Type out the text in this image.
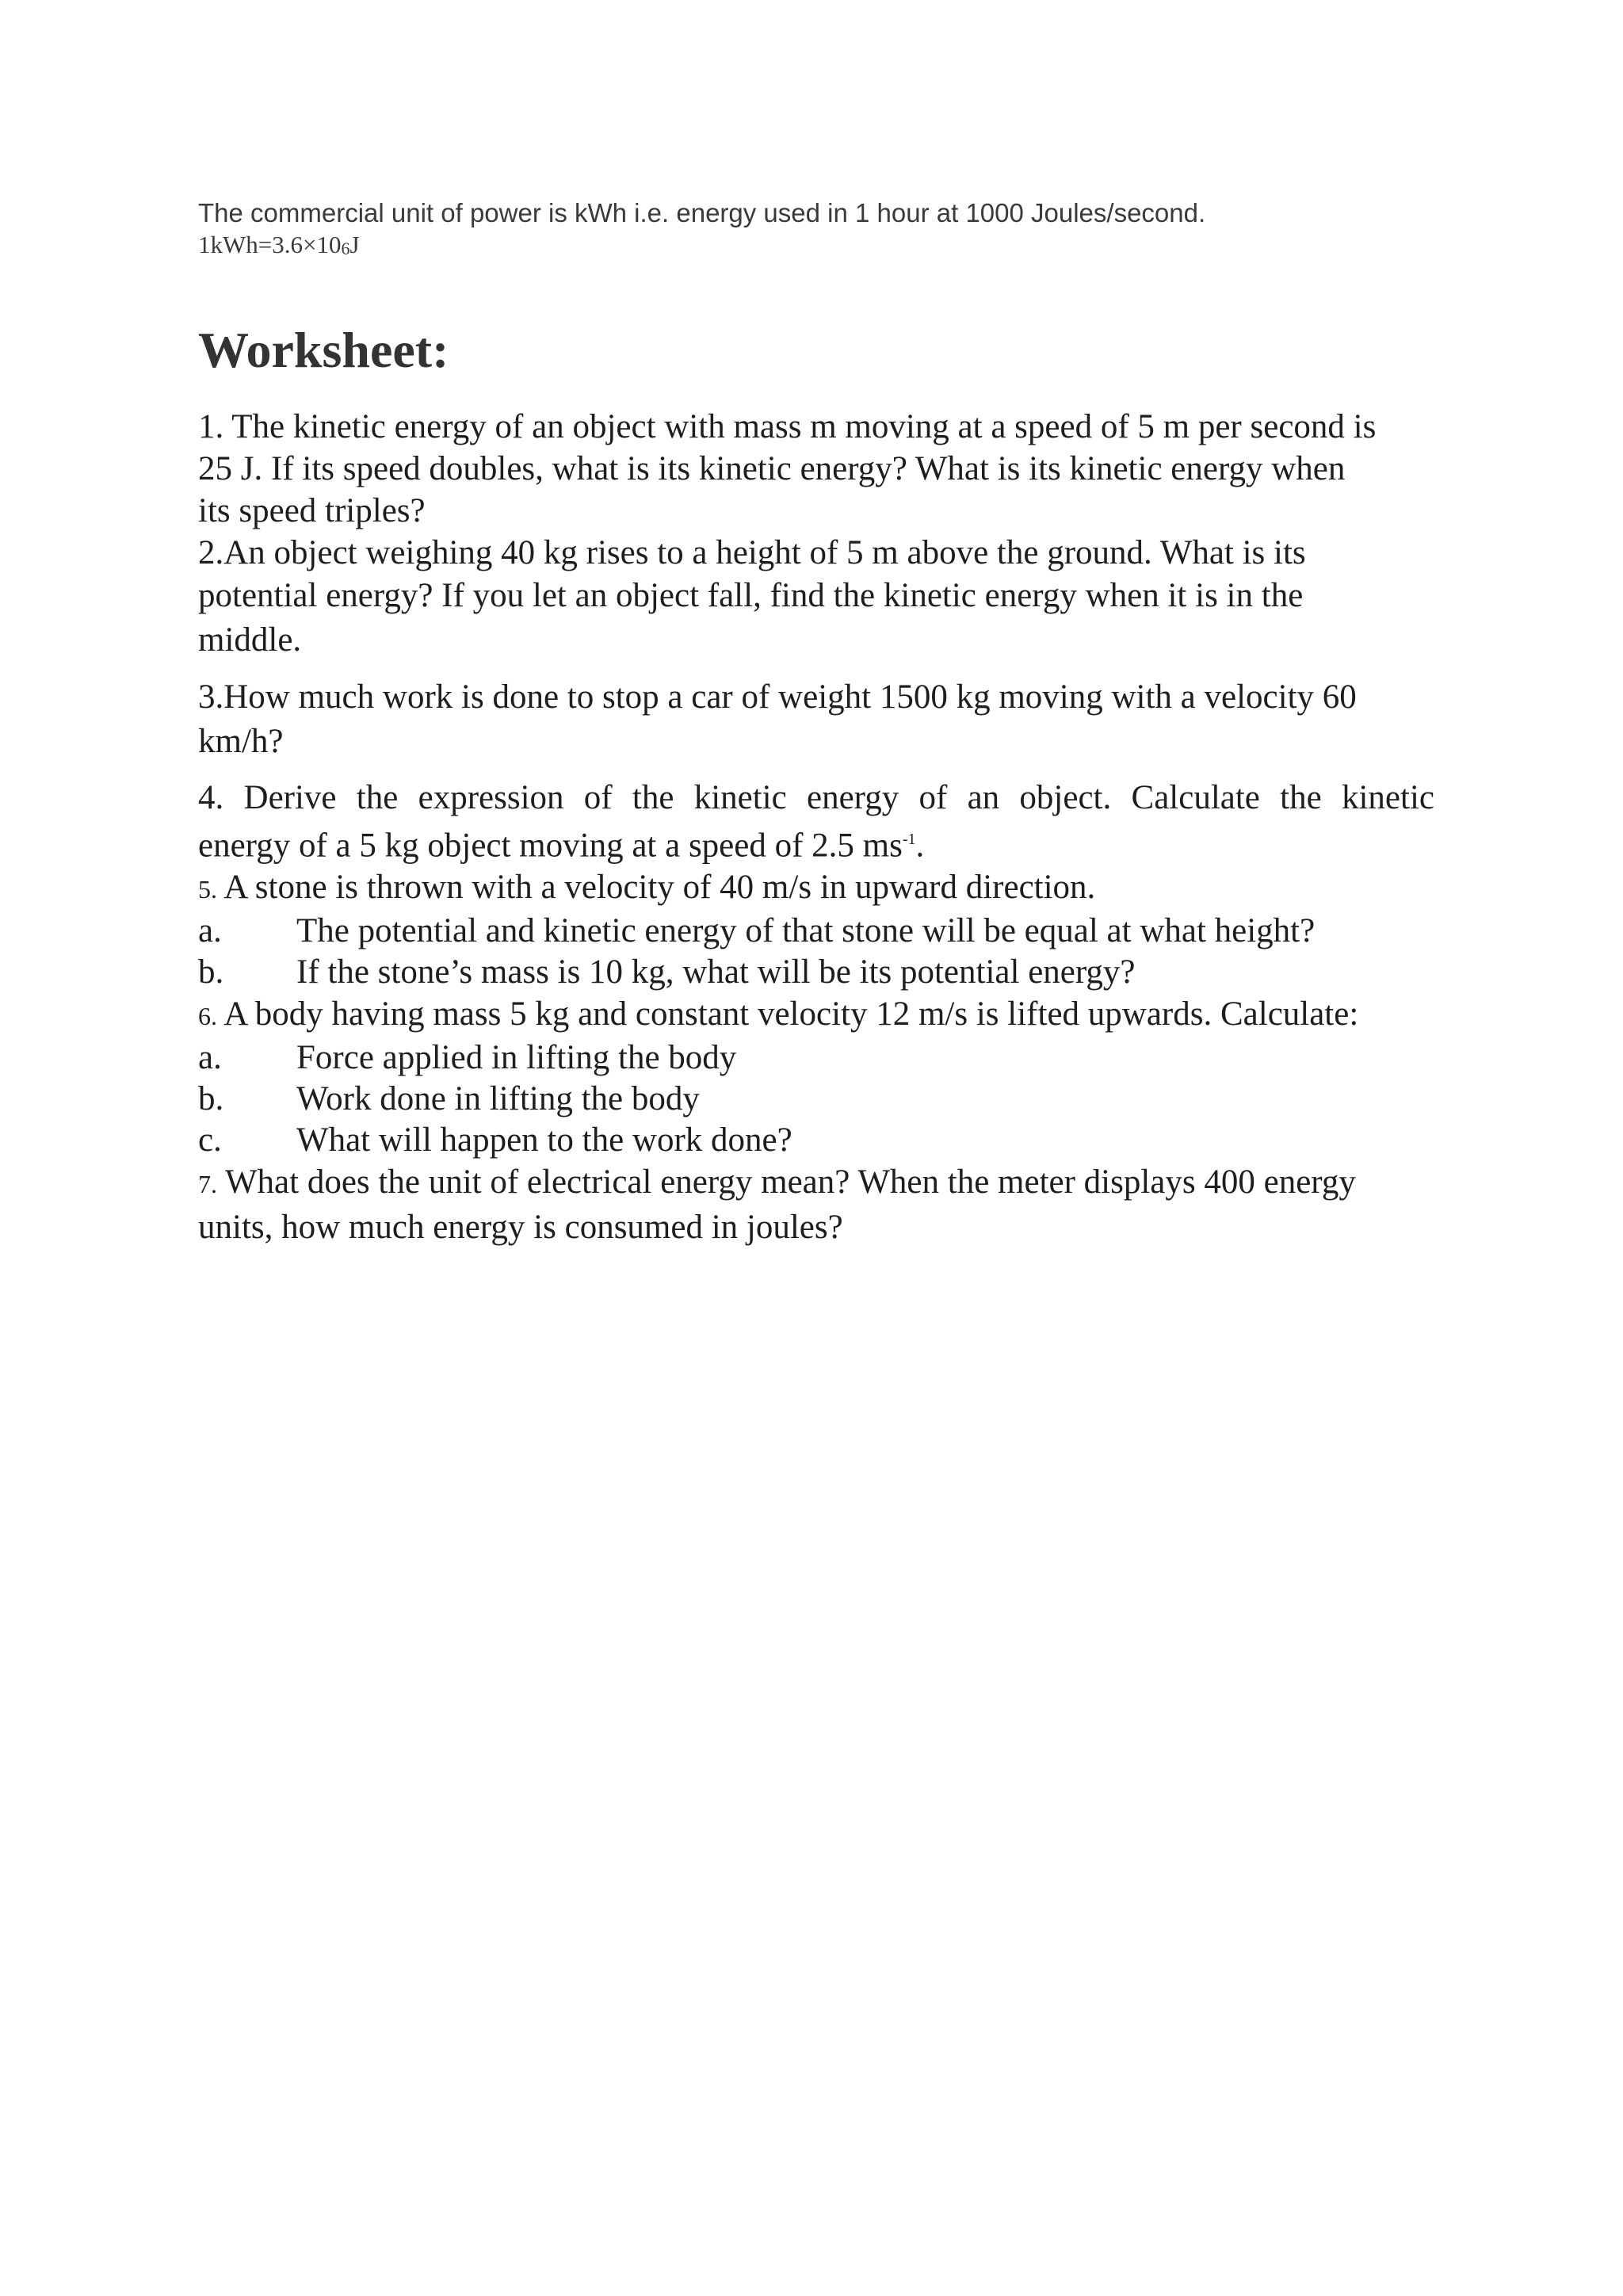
The commercial unit of power is kWh i.e. energy used in 1 hour at 1000 Joules/second.

1kWh=3.6×106J

Worksheet:

1. The kinetic energy of an object with mass m moving at a speed of 5 m per second is

25 J. If its speed doubles, what is its kinetic energy? What is its kinetic energy when

its speed triples?

2.An object weighing 40 kg rises to a height of 5 m above the ground. What is its

potential energy? If you let an object fall, find the kinetic energy when it is in the

middle.

3.How much work is done to stop a car of weight 1500 kg moving with a velocity 60

km/h?

4. Derive the expression of the kinetic energy of an object. Calculate the kinetic

energy of a 5 kg object moving at a speed of 2.5 $ms^{-1}$.

5. A stone is thrown with a velocity of 40 m/s in upward direction.

a.	The potential and kinetic energy of that stone will be equal at what height?
b.	If the stone’s mass is 10 kg, what will be its potential energy?

6. A body having mass 5 kg and constant velocity 12 m/s is lifted upwards. Calculate:

a.	Force applied in lifting the body
b.	Work done in lifting the body
c.	What will happen to the work done?

7. What does the unit of electrical energy mean? When the meter displays 400 energy

units, how much energy is consumed in joules?
